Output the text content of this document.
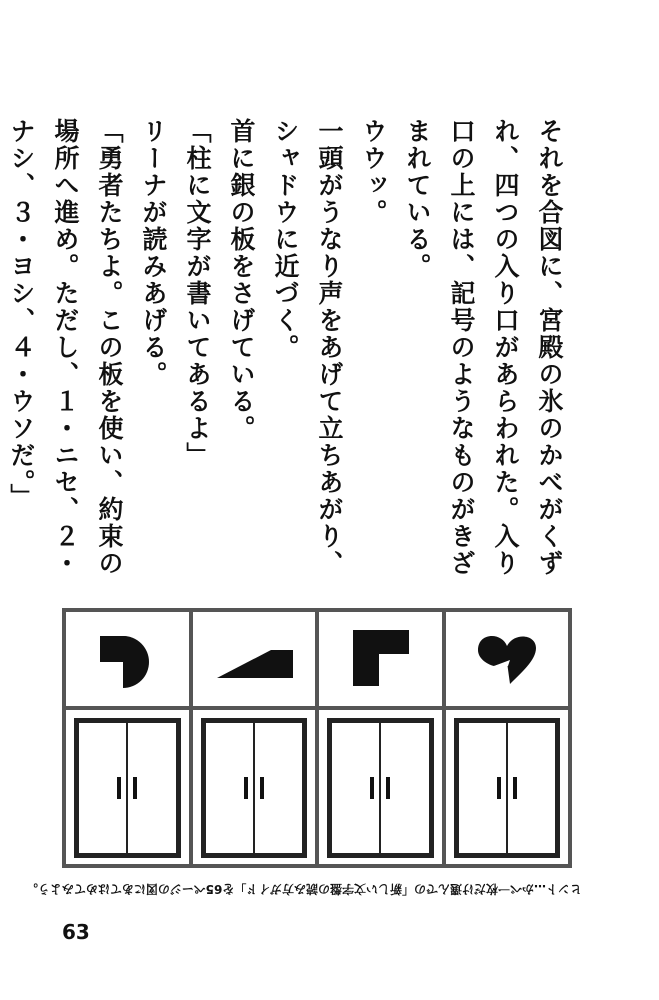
それを合図に、宮殿の氷のかべがくずれ、四つの入り口があらわれた。入り口の上には、記号のようなものがきざまれている。

ウウッ。

一頭がうなり声をあげて立ちあがり、シャドウに近づく。

首に銀の板をさげている。

「柱に文字が書いてあるよ」

リーナが読みあげる。

「勇者たちよ。この板を使い、約束の場所へ進め。ただし、１・ニセ、２・ナシ、３・ヨシ、４・ウソだ。」

ヒント…かべ一枚だけ選んでの「新しい文字盤の読み方ガイド」を65ページの図にあてはめてみよう。
63
